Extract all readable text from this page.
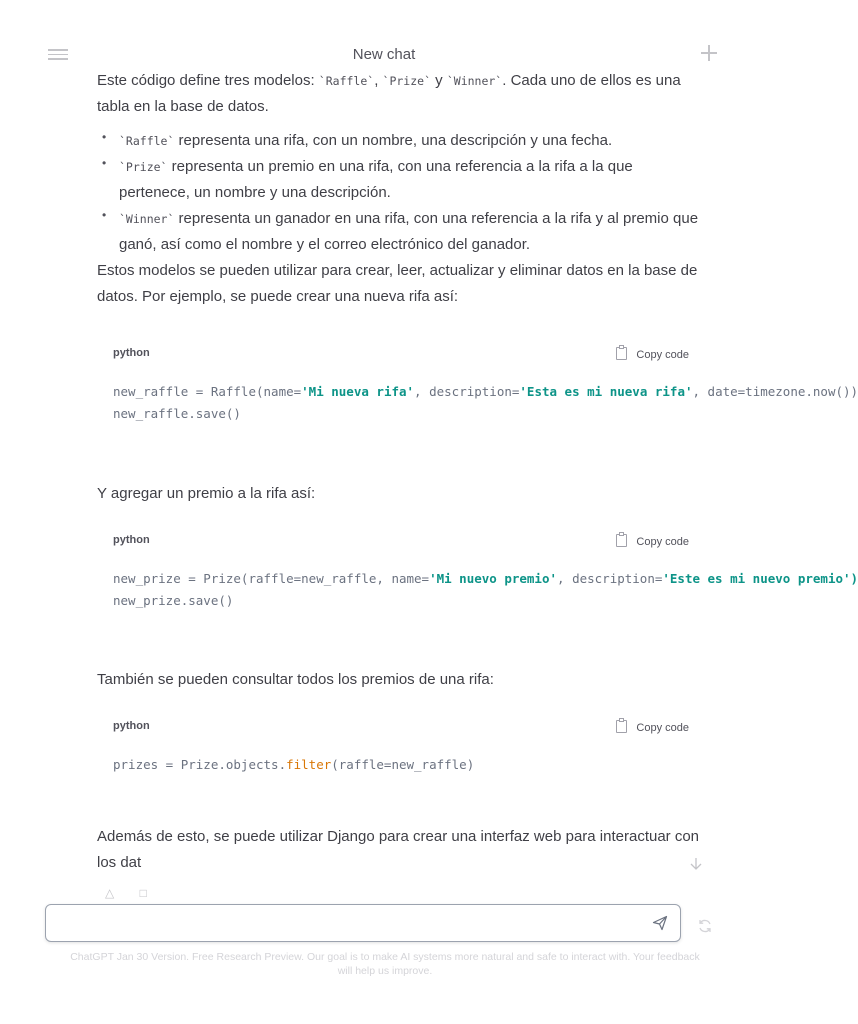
New chat

Este código define tres modelos: `Raffle`, `Prize` y `Winner`. Cada uno de ellos es una tabla en la base de datos.

• `Raffle` representa una rifa, con un nombre, una descripción y una fecha.
• `Prize` representa un premio en una rifa, con una referencia a la rifa a la que pertenece, un nombre y una descripción.
• `Winner` representa un ganador en una rifa, con una referencia a la rifa y al premio que ganó, así como el nombre y el correo electrónico del ganador.

Estos modelos se pueden utilizar para crear, leer, actualizar y eliminar datos en la base de datos. Por ejemplo, se puede crear una nueva rifa así:

python	Copy code
new_raffle = Raffle(name='Mi nueva rifa', description='Esta es mi nueva rifa', date=timezone.now())
new_raffle.save()

Y agregar un premio a la rifa así:

python	Copy code
new_prize = Prize(raffle=new_raffle, name='Mi nuevo premio', description='Este es mi nuevo premio')
new_prize.save()

También se pueden consultar todos los premios de una rifa:

python	Copy code
prizes = Prize.objects.filter(raffle=new_raffle)

Además de esto, se puede utilizar Django para crear una interfaz web para interactuar con los dat

△ □
ChatGPT Jan 30 Version. Free Research Preview. Our goal is to make AI systems more natural and safe to interact with. Your feedback will help us improve.
